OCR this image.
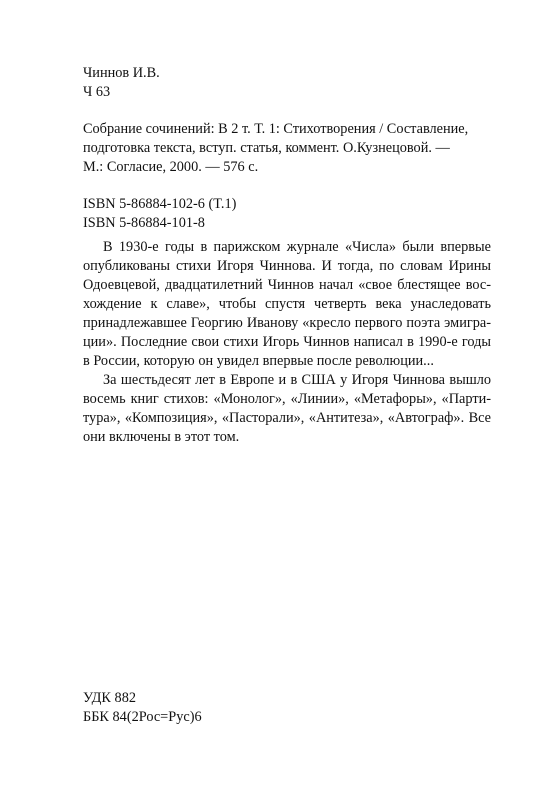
Чиннов И.В.
Ч 63
Собрание сочинений: В 2 т. Т. 1: Стихотворения / Составление,
подготовка текста, вступ. статья, коммент. О.Кузнецовой. —
М.: Согласие, 2000. — 576 с.
ISBN 5-86884-102-6 (T.1)
ISBN 5-86884-101-8
В 1930-е годы в парижском журнале «Числа» были впервые
опубликованы стихи Игоря Чиннова. И тогда, по словам Ирины
Одоевцевой, двадцатилетний Чиннов начал «свое блестящее вос-
хождение к славе», чтобы спустя четверть века унаследовать
принадлежавшее Георгию Иванову «кресло первого поэта эмигра-
ции». Последние свои стихи Игорь Чиннов написал в 1990-е годы
в России, которую он увидел впервые после революции...
За шестьдесят лет в Европе и в США у Игоря Чиннова вышло
восемь книг стихов: «Монолог», «Линии», «Метафоры», «Парти-
тура», «Композиция», «Пасторали», «Антитеза», «Автограф». Все
они включены в этот том.
УДК 882
ББК 84(2Рос=Рус)6
